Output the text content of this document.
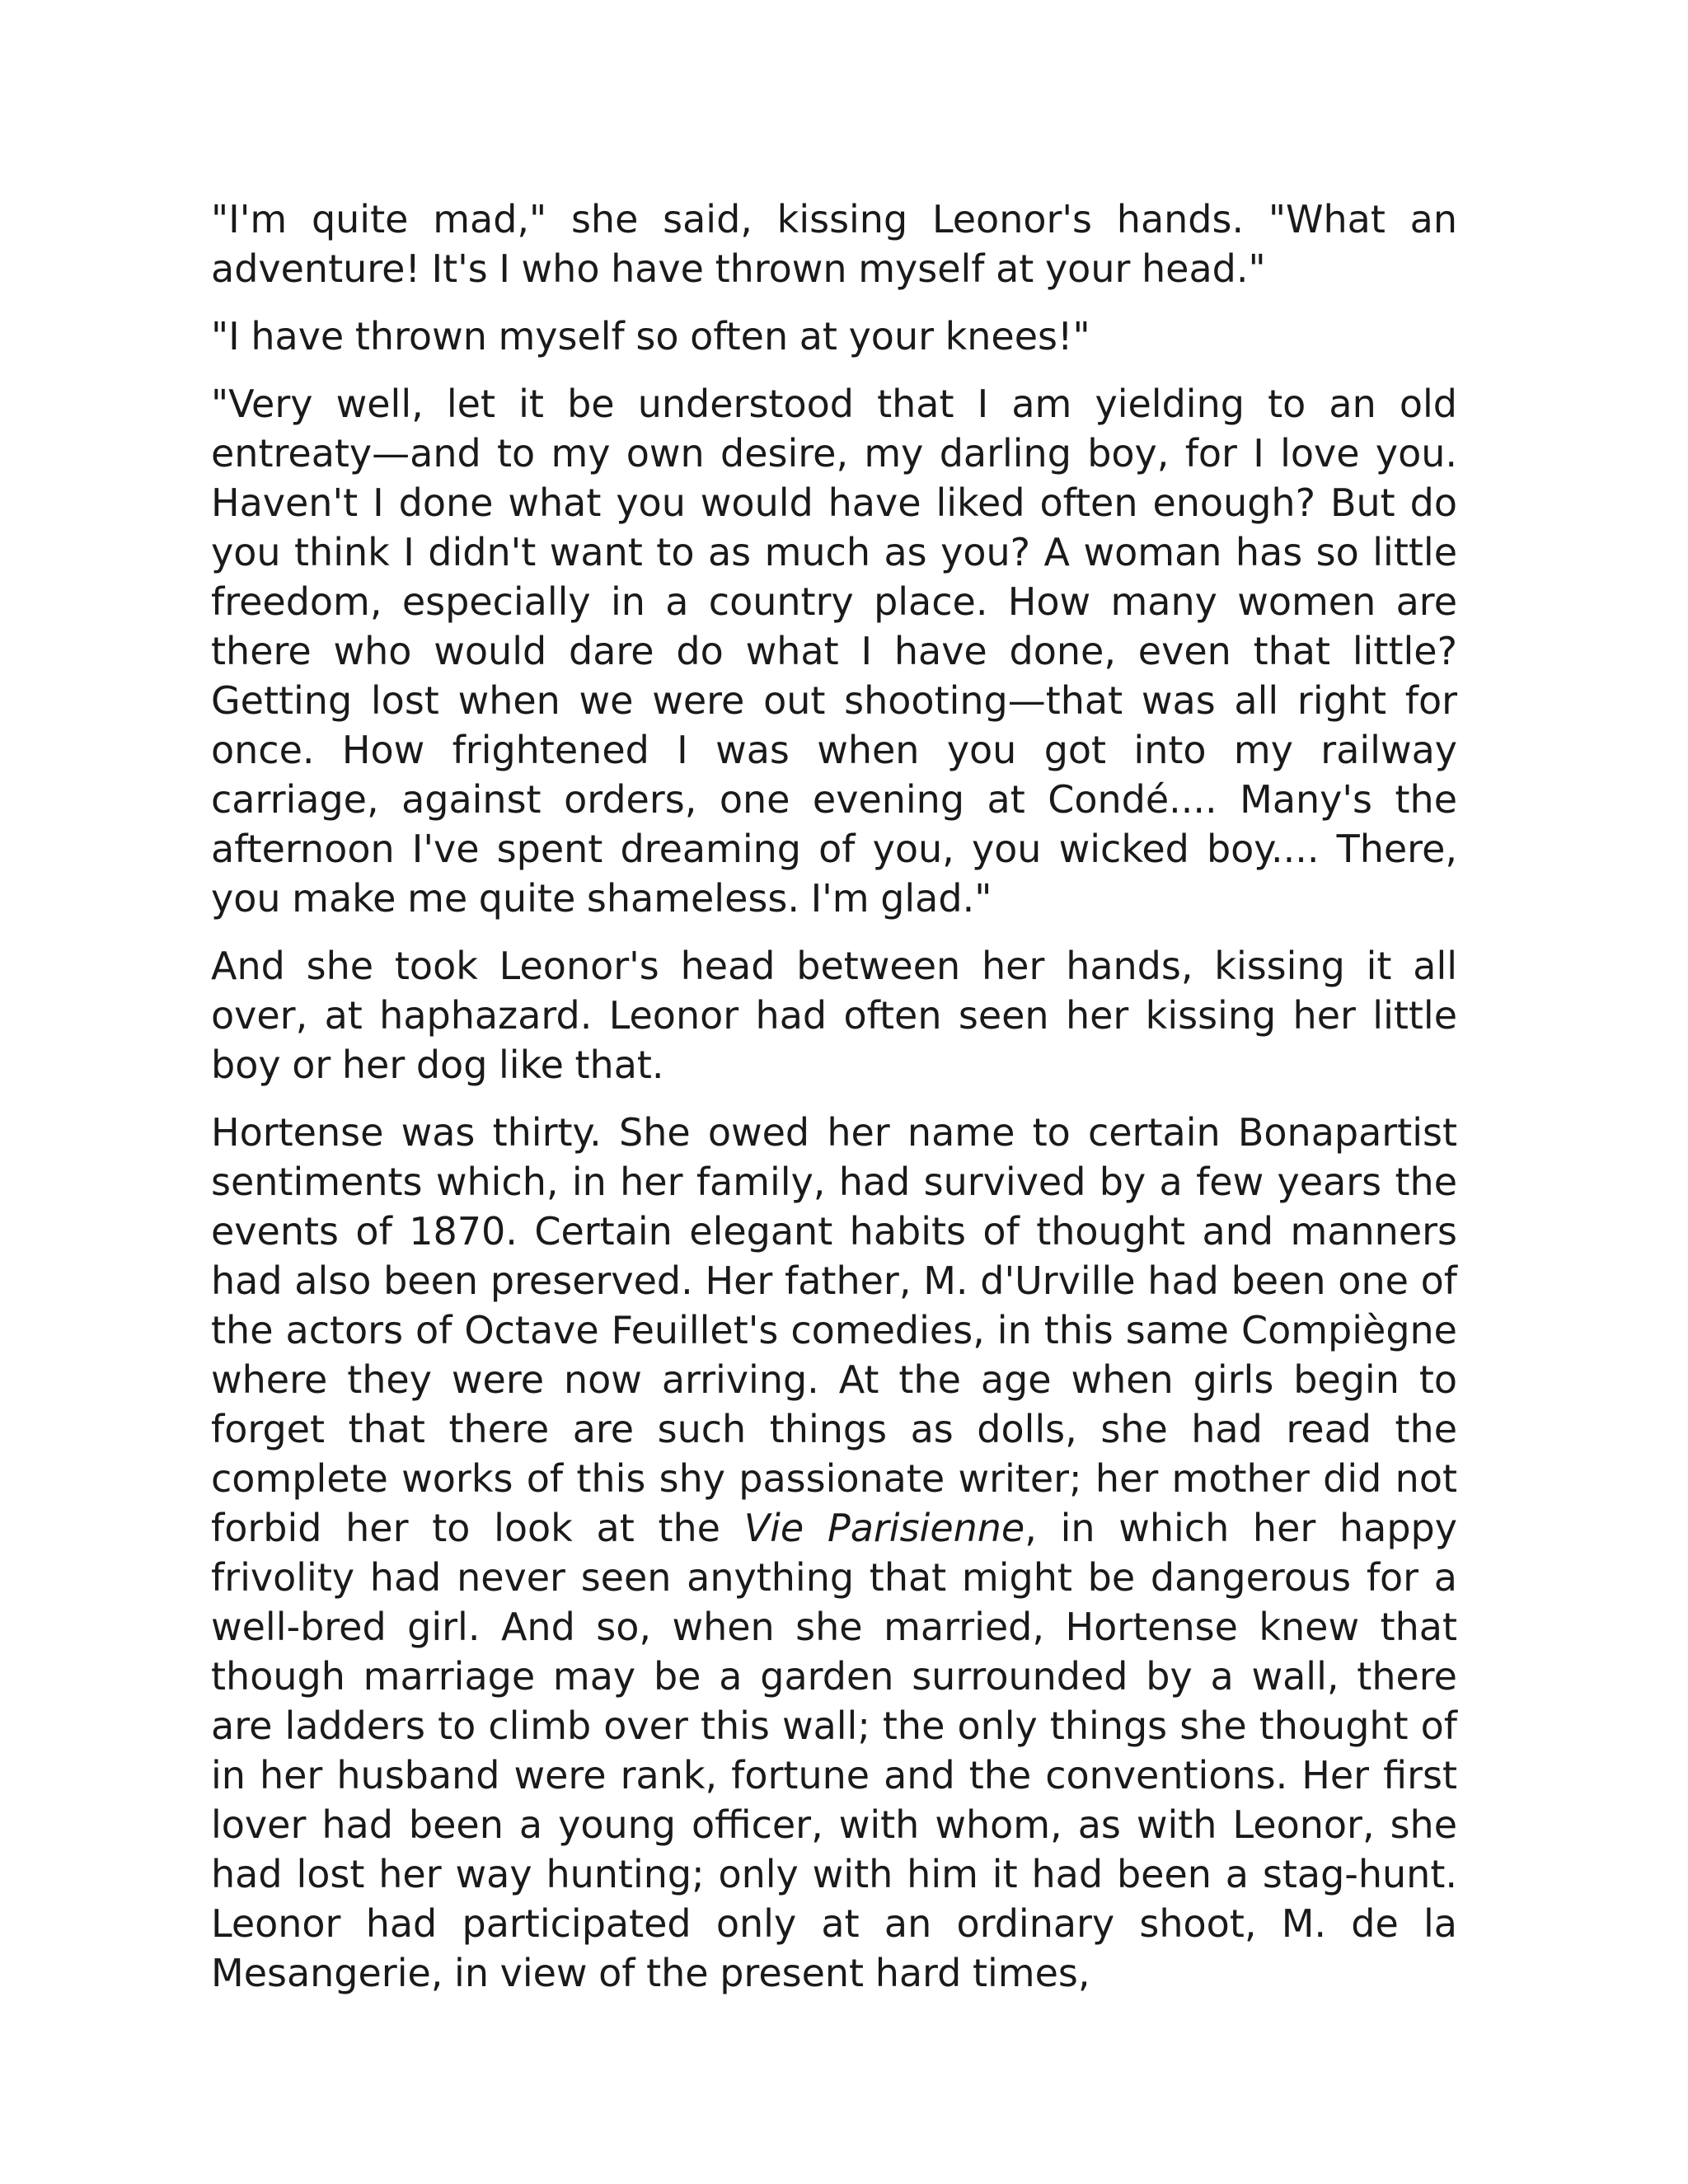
"I'm quite mad," she said, kissing Leonor's hands. "What an adventure! It's I who have thrown myself at your head."

"I have thrown myself so often at your knees!"

"Very well, let it be understood that I am yielding to an old entreaty—and to my own desire, my darling boy, for I love you. Haven't I done what you would have liked often enough? But do you think I didn't want to as much as you? A woman has so little freedom, especially in a country place. How many women are there who would dare do what I have done, even that little? Getting lost when we were out shooting—that was all right for once. How frightened I was when you got into my railway carriage, against orders, one evening at Condé.... Many's the afternoon I've spent dreaming of you, you wicked boy.... There, you make me quite shameless. I'm glad."

And she took Leonor's head between her hands, kissing it all over, at haphazard. Leonor had often seen her kissing her little boy or her dog like that.

Hortense was thirty. She owed her name to certain Bonapartist sentiments which, in her family, had survived by a few years the events of 1870. Certain elegant habits of thought and manners had also been preserved. Her father, M. d'Urville had been one of the actors of Octave Feuillet's comedies, in this same Compiègne where they were now arriving. At the age when girls begin to forget that there are such things as dolls, she had read the complete works of this shy passionate writer; her mother did not forbid her to look at the Vie Parisienne, in which her happy frivolity had never seen anything that might be dangerous for a well-bred girl. And so, when she married, Hortense knew that though marriage may be a garden surrounded by a wall, there are ladders to climb over this wall; the only things she thought of in her husband were rank, fortune and the conventions. Her first lover had been a young officer, with whom, as with Leonor, she had lost her way hunting; only with him it had been a stag-hunt. Leonor had participated only at an ordinary shoot, M. de la Mesangerie, in view of the present hard times,
